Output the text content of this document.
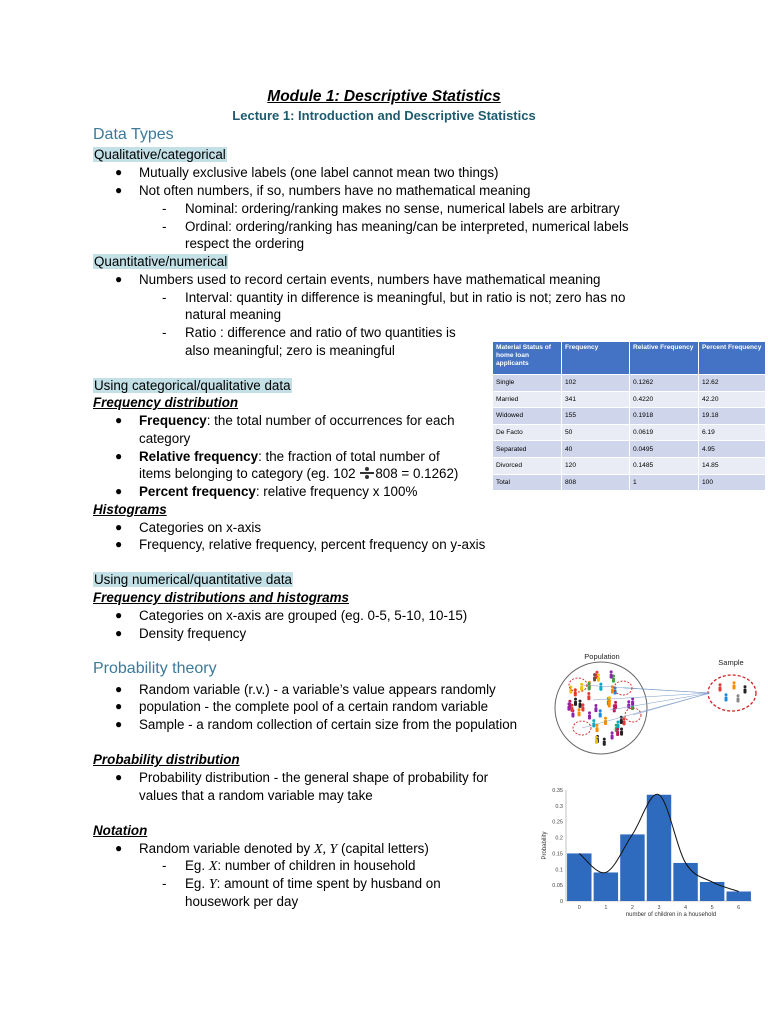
Module 1: Descriptive Statistics
Lecture 1: Introduction and Descriptive Statistics
Data Types
Qualitative/categorical
● Mutually exclusive labels (one label cannot mean two things)
● Not often numbers, if so, numbers have no mathematical meaning
- Nominal: ordering/ranking makes no sense, numerical labels are arbitrary
- Ordinal: ordering/ranking has meaning/can be interpreted, numerical labels
respect the ordering
Quantitative/numerical
● Numbers used to record certain events, numbers have mathematical meaning
- Interval: quantity in difference is meaningful, but in ratio is not; zero has no
natural meaning
- Ratio : difference and ratio of two quantities is
also meaningful; zero is meaningful
Using categorical/qualitative data
Frequency distribution
● Frequency: the total number of occurrences for each
category
● Relative frequency: the fraction of total number of
items belonging to category (eg. 102 808 = 0.1262)
● Percent frequency: relative frequency x 100%
Histograms
● Categories on x-axis
● Frequency, relative frequency, percent frequency on y-axis
Using numerical/quantitative data
Frequency distributions and histograms
● Categories on x-axis are grouped (eg. 0-5, 5-10, 10-15)
● Density frequency
Probability theory
● Random variable (r.v.) - a variable’s value appears randomly
● population - the complete pool of a certain random variable
● Sample - a random collection of certain size from the population
Probability distribution
● Probability distribution - the general shape of probability for
values that a random variable may take
Notation
● Random variable denoted by X, Y (capital letters)
- Eg. X: number of children in household
- Eg. Y: amount of time spent by husband on
housework per day
Material Status of home loan applicants	Frequency	Relative Frequency	Percent Frequency
Single	102	0.1262	12.62
Married	341	0.4220	42.20
Widowed	155	0.1918	19.18
De Facto	50	0.0619	6.19
Separated	40	0.0495	4.95
Divorced	120	0.1485	14.85
Total	808	1	100
Population
Sample
0
0.05
0.1
0.15
0.2
0.25
0.3
0.35
0	1	2	3	4	5	6
number of children in a household
Probability
